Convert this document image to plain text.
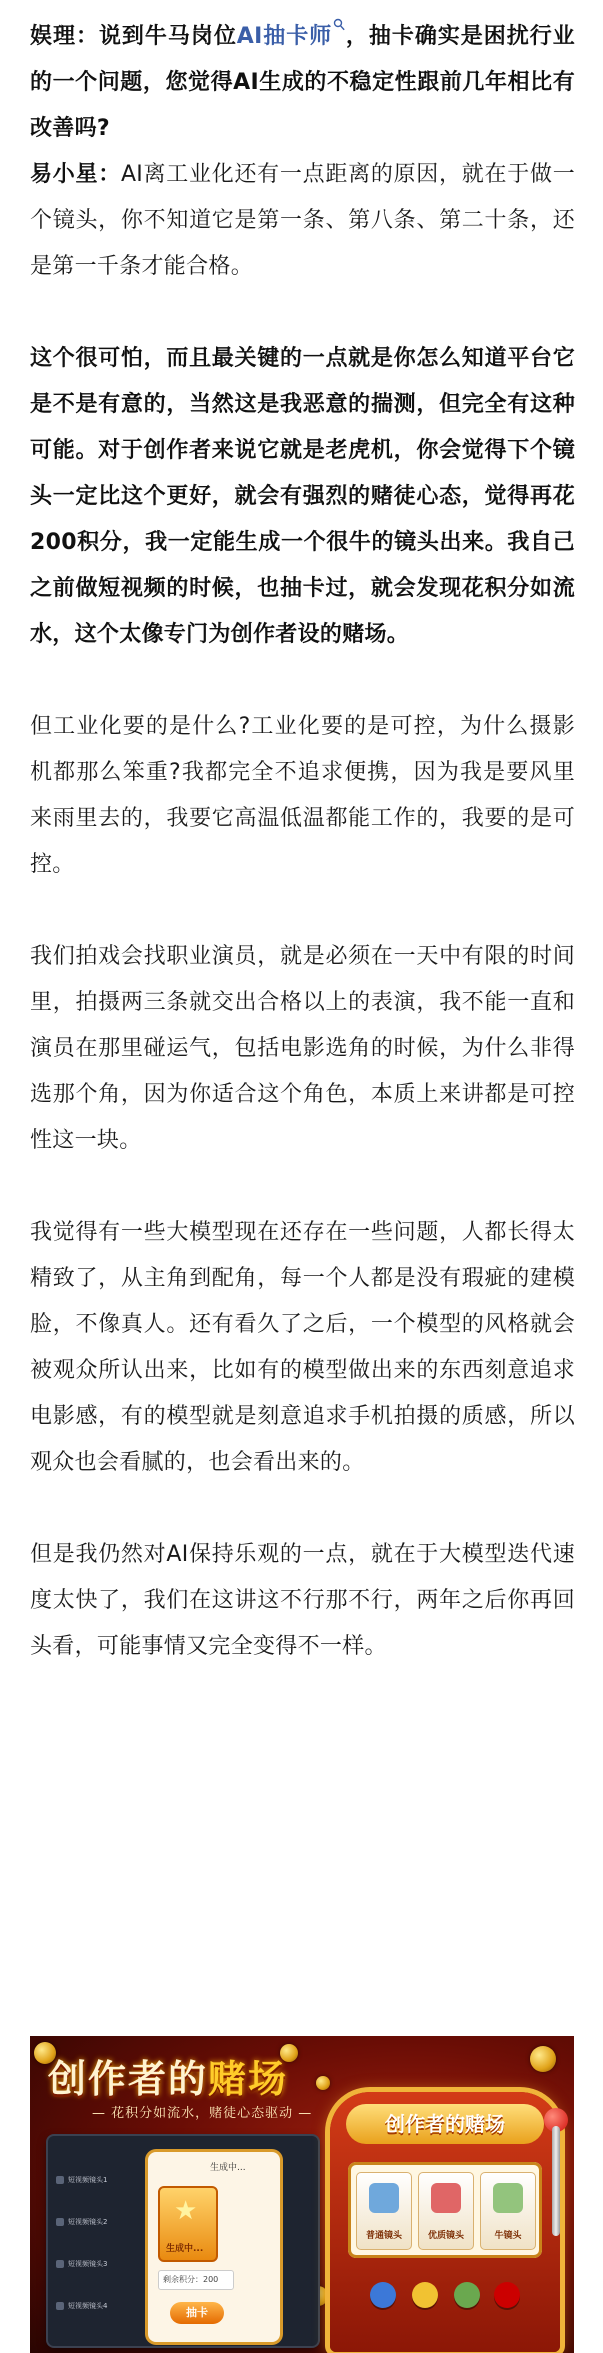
娱理：说到牛马岗位AI抽卡师 ，抽卡确实是困扰行业的一个问题，您觉得AI生成的不稳定性跟前几年相比有改善吗?

易小星：AI离工业化还有一点距离的原因，就在于做一个镜头，你不知道它是第一条、第八条、第二十条，还是第一千条才能合格。

这个很可怕，而且最关键的一点就是你怎么知道平台它是不是有意的，当然这是我恶意的揣测，但完全有这种可能。对于创作者来说它就是老虎机，你会觉得下个镜头一定比这个更好，就会有强烈的赌徒心态，觉得再花200积分，我一定能生成一个很牛的镜头出来。我自己之前做短视频的时候，也抽卡过，就会发现花积分如流水，这个太像专门为创作者设的赌场。

但工业化要的是什么?工业化要的是可控，为什么摄影机都那么笨重?我都完全不追求便携，因为我是要风里来雨里去的，我要它高温低温都能工作的，我要的是可控。

我们拍戏会找职业演员，就是必须在一天中有限的时间里，拍摄两三条就交出合格以上的表演，我不能一直和演员在那里碰运气，包括电影选角的时候，为什么非得选那个角，因为你适合这个角色，本质上来讲都是可控性这一块。

我觉得有一些大模型现在还存在一些问题，人都长得太精致了，从主角到配角，每一个人都是没有瑕疵的建模脸，不像真人。还有看久了之后，一个模型的风格就会被观众所认出来，比如有的模型做出来的东西刻意追求电影感，有的模型就是刻意追求手机拍摄的质感，所以观众也会看腻的，也会看出来的。

但是我仍然对AI保持乐观的一点，就在于大模型迭代速度太快了，我们在这讲这不行那不行，两年之后你再回头看，可能事情又完全变得不一样。

创作者的赌场
— 花积分如流水，赌徒心态驱动 —
短视频镜头1
短视频镜头2
短视频镜头3
短视频镜头4
生成中...
★
生成中...
剩余积分：200
抽卡
创作者的赌场
普通镜头	优质镜头	牛镜头
